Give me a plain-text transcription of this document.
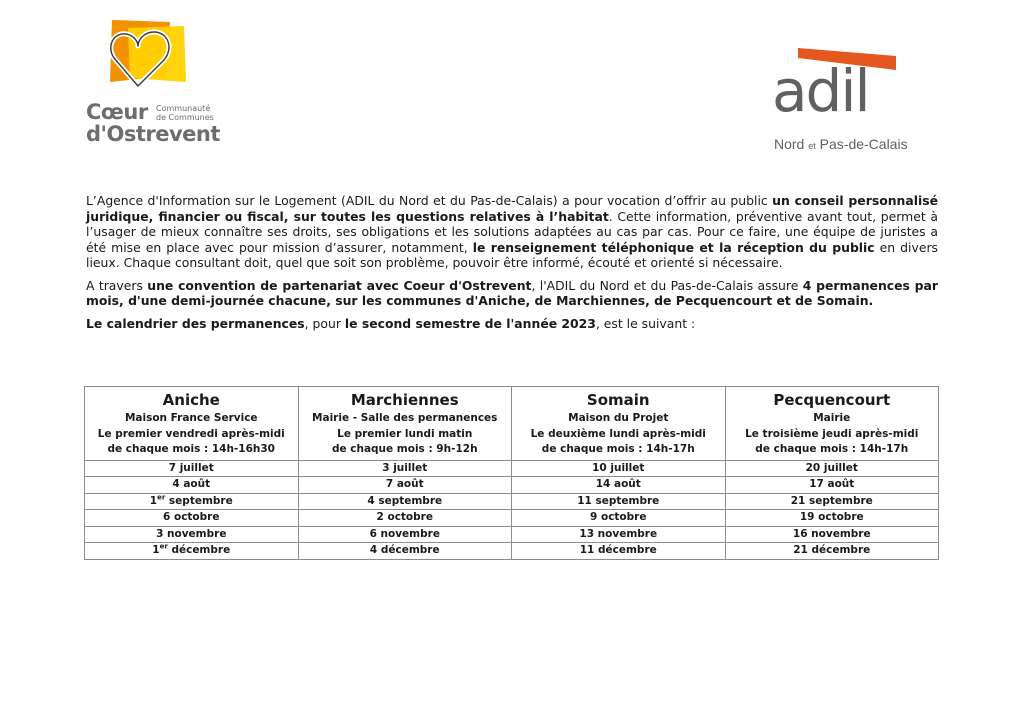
Cœur
d'Ostrevent
Communauté
de Communes	adil
Nord et Pas-de-Calais

L’Agence d'Information sur le Logement (ADIL du Nord et du Pas-de-Calais) a pour vocation d’offrir au public un conseil personnalisé juridique, financier ou fiscal, sur toutes les questions relatives à l’habitat. Cette information, préventive avant tout, permet à l’usager de mieux connaître ses droits, ses obligations et les solutions adaptées au cas par cas. Pour ce faire, une équipe de juristes a été mise en place avec pour mission d’assurer, notamment, le renseignement téléphonique et la réception du public en divers lieux. Chaque consultant doit, quel que soit son problème, pouvoir être informé, écouté et orienté si nécessaire.

A travers une convention de partenariat avec Coeur d'Ostrevent, l'ADIL du Nord et du Pas-de-Calais assure 4 permanences par mois, d'une demi-journée chacune, sur les communes d'Aniche, de Marchiennes, de Pecquencourt et de Somain.

Le calendrier des permanences, pour le second semestre de l'année 2023, est le suivant :

Aniche
Maison France Service
Le premier vendredi après-midi
de chaque mois : 14h-16h30	Marchiennes
Mairie - Salle des permanences
Le premier lundi matin
de chaque mois : 9h-12h	Somain
Maison du Projet
Le deuxième lundi après-midi
de chaque mois : 14h-17h	Pecquencourt
Mairie
Le troisième jeudi après-midi
de chaque mois : 14h-17h

7 juillet	3 juillet	10 juillet	20 juillet
4 août	7 août	14 août	17 août
1er septembre	4 septembre	11 septembre	21 septembre
6 octobre	2 octobre	9 octobre	19 octobre
3 novembre	6 novembre	13 novembre	16 novembre
1er décembre	4 décembre	11 décembre	21 décembre
